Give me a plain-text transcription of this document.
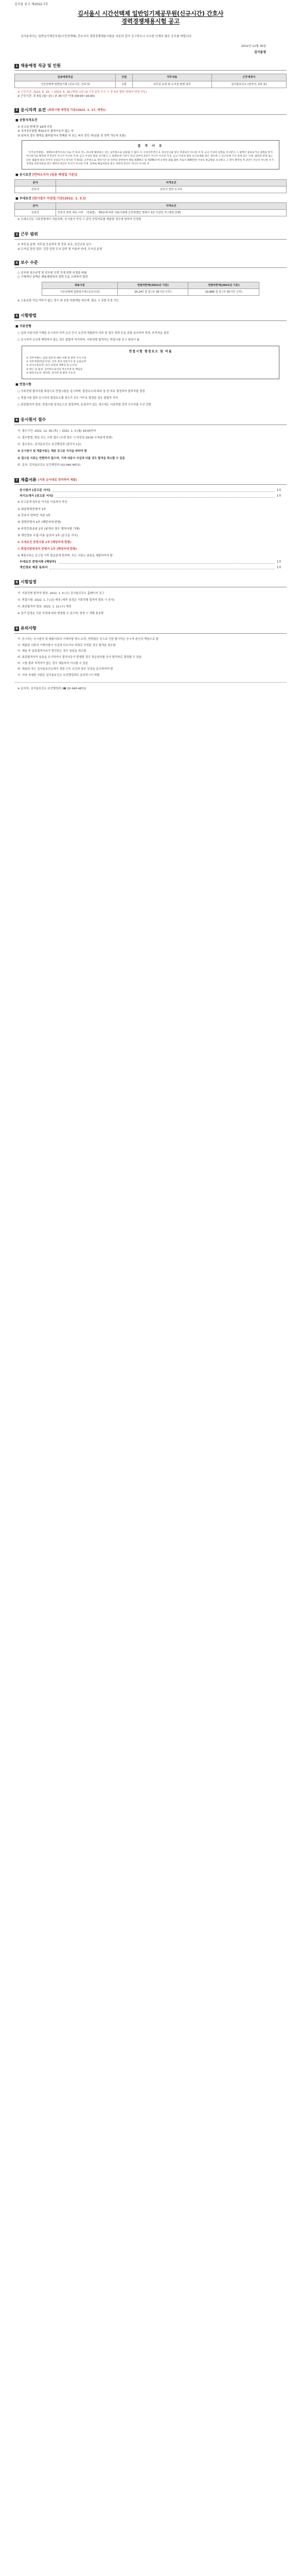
김서울 공고 제2022-7호
김서울시 시간선택제 일반임기제공무원(신규시간) 간호사
경력경쟁채용시험 공고
김서울에서는 일반임기제공무원(시간선택제) 간호사의 경력경쟁채용시험을 다음과 같이 공고하오니 우수한 인재의 많은 응모를 바랍니다.
2022년 12월 30일
김서울청
1 채용예정 직급 및 인원
임용예정직급	인원	직무내용	근무예정지
시간선택제 일반임기제 (신규시간, 간호사)	1명	의무실 운영 및 도서실 관련 업무	김서울보건소 (삼각지, 2라 층)
※ 근무기간: 2022. 6. 18. ~ 2023. 6. 18.(예정) 1년 (※ 근무실적 우수 시 총 5년 범위 내에서 연장 가능)
※ 근무시간: 주 5일 (월~금) / 주 35시간 이내 (09:00~16:00)
2 응시자격 요건 (최종시험 예정일 기준(2022. 1. 17. 예정))
■ 공통자격요건
① 공고일 현재 만 18세 이상
② 국가공무원법 제33조의 결격사유가 없는 자
③ 남자의 경우 병역을 필하였거나 면제된 자 또는 복무 중인 자(임용 전 전역 가능자 포함)
결 격 사 유

「국가공무원법」 제33조(결격사유) 다음 각 호의 어느 하나에 해당하는 자는 공무원으로 임용될 수 없다. 1. 피성년후견인 2. 파산선고를 받고 복권되지 아니한 자 3. 금고 이상의 실형을 선고받고 그 집행이 종료되거나 집행을 받지 아니하기로 확정된 후 5년이 지나지 아니한 자 4. 금고 이상의 형을 선고받고 그 집행유예 기간이 끝난 날부터 2년이 지나지 아니한 자 5. 금고 이상의 형의 선고유예를 받은 경우에 그 선고유예 기간 중에 있는 자 6. 법원의 판결 또는 다른 법률에 따라 자격이 상실되거나 정지된 자 6의2. 공무원으로 재직기간 중 직무와 관련하여 형법 제355조 및 제356조에 규정된 죄를 범한 자로서 300만원 이상의 벌금형을 선고받고 그 형이 확정된 후 2년이 지나지 아니한 자 7. 징계로 파면처분을 받은 때부터 5년이 지나지 아니한 자 8. 징계로 해임처분을 받은 때부터 3년이 지나지 아니한 자

■ 응시요건 [면허소지자 (임용 예정일 기준)]
분야	자격요건
간호사	간호사 면허 소지자
■ 우대요건 [원서접수 마감일 기준(2022. 1. 3.)]
분야	자격요건
간호사	간호사 면허 취득 이후 「의료법」 제3조에 따른 의료기관에 근무하였던 경력이 1년 이상인 자 (경력 증명)
※ 우대요건은 서류전형에서 적용되며, 응시원서 작성 시 관련 증빙자료를 제출한 경우에 한하여 인정함
3 근무 범위
① 의무실 운영: 의무실 응급처치 및 진료 보조, 보건교육 실시
② 도서실 관련 업무: 건강 관련 도서 관리 및 이용자 안내, 도서실 운영
4 보수 수준
○ 공무원 보수규정 및 공무원 수당 등에 관한 규정을 따름
○ 구체적인 금액은 채용예정자의 경력 등을 고려하여 결정
채용구분	연봉하한액(2022년 기준)	연봉하한액(2021년 기준)
시간선택제 일반임기제 (신규시간)	20,247 천 원 (주 35시간 근무)	19,888 천 원 (주 35시간 근무)
※ 고용보험 가입 여부가 없는 경우 위 연봉 하한액을 따르며, 필요 시 상향 조정 가능
5 시험방법
■ 서류전형
○ 입력 지원서에 기재된 응시자의 자격 요건 등이 요건에 적합한지 여부 및 업무 경력 등을 종합 심사하여 적격, 부적격을 결정
○ 응시자격 요건에 해당하지 않는 경우 불합격 처리하며, 서류전형 합격자는 면접시험 응시 대상이 됨
면접시험 평정요소 및 비율

① 직무이해도: 담당 업무에 대한 이해 및 관련 지식 수준

② 직무역량(전문지식): 간호 분야 전문지식 및 응용능력

③ 의사소통능력: 의사 표현의 정확성 및 논리성

④ 태도 및 품성: 공무원으로서의 정신자세 및 책임감

⑤ 발전가능성: 창의력, 의지력 및 발전 가능성

■ 면접시험
○ 서류전형 합격자를 대상으로 면접시험을 실시하며, 평정요소에 따라 상·중·하로 평정하여 합격자를 결정
○ 면접시험 결과 응시자의 평정요소별 점수가 모두 "하"로 평정된 경우 불합격 처리
○ 최종합격자 결정: 면접시험 성적순으로 결정하며, 동점자가 있는 경우에는 서류전형 성적 우수자를 우선 선발
6 응시원서 접수
가. 접수기간: 2022. 12. 30.(목) ~ 2022. 1. 3.(월) 18:00까지
나. 접수방법: 방문 또는 우편 접수 (우편 접수 시 마감일 18:00 도착분에 한함)
다. 접수장소: 김서울보건소 보건행정과 (삼각지 2층)
※ 응시원서 및 제출서류는 채용 공고문 서식을 따라야 함
※ 접수된 서류는 반환하지 않으며, 기재 내용이 사실과 다를 경우 합격을 취소할 수 있음
라. 문의: 김서울보건소 보건행정과 (02-940-4872)
7 제출서류 (서류 순서대로 정리하여 제출)
응시원서 (공고문 서식)	1부
자기소개서 (공고문 서식)	1부
※ 공고문에 첨부된 서식을 이용하여 작성
① 최종학력증명서 1부
② 간호사 면허증 사본 1부
③ 경력증명서 1부 (해당자에 한함)
④ 주민등록초본 1부 (남자의 경우 병적사항 기재)
⑤ 개인정보 수집·이용 동의서 1부 (공고문 서식)
⑥ 우대요건 증빙서류 1부 (해당자에 한함)
⑦ 취업지원대상자 증명서 1부 (해당자에 한함)
※ 제출서류는 공고일 이후 발급분에 한하며, 모든 서류는 원본을 제출하여야 함
우대요건 증빙서류 (해당자)	1부
개인정보 제공 동의서	1부
8 시험일정
가. 서류전형 합격자 발표: 2022. 1. 5.(수) 김서울보건소 홈페이지 공고
나. 면접시험: 2022. 1. 7.(금) 예정 (세부 일정은 서류전형 합격자 발표 시 공지)
다. 최종합격자 발표: 2022. 1. 12.(수) 예정
※ 상기 일정은 기관 사정에 따라 변경될 수 있으며, 변경 시 개별 통보함
9 유의사항

가. 응시자는 응시원서 및 제출서류의 기재사항 착오·누락, 연락불능 등으로 인한 불이익은 응시자 본인의 책임으로 함

나. 제출된 서류의 기재사항이 사실과 다르거나 허위로 작성된 경우 합격을 취소함

다. 채용 후 임용결격사유가 발견되는 경우 임용을 취소함

라. 최종합격자가 임용을 포기하거나 결격사유가 발생한 경우 차순위자를 추가 합격자로 결정할 수 있음

마. 시험 결과 적격자가 없는 경우 채용하지 아니할 수 있음

바. 채용된 자는 김서울보건소에서 정한 근무 조건과 복무 규정을 준수하여야 함

사. 기타 자세한 사항은 김서울보건소 보건행정과로 문의하시기 바람

※ 문의처: 김서울보건소 보건행정과 (☎ 02-940-4872)
